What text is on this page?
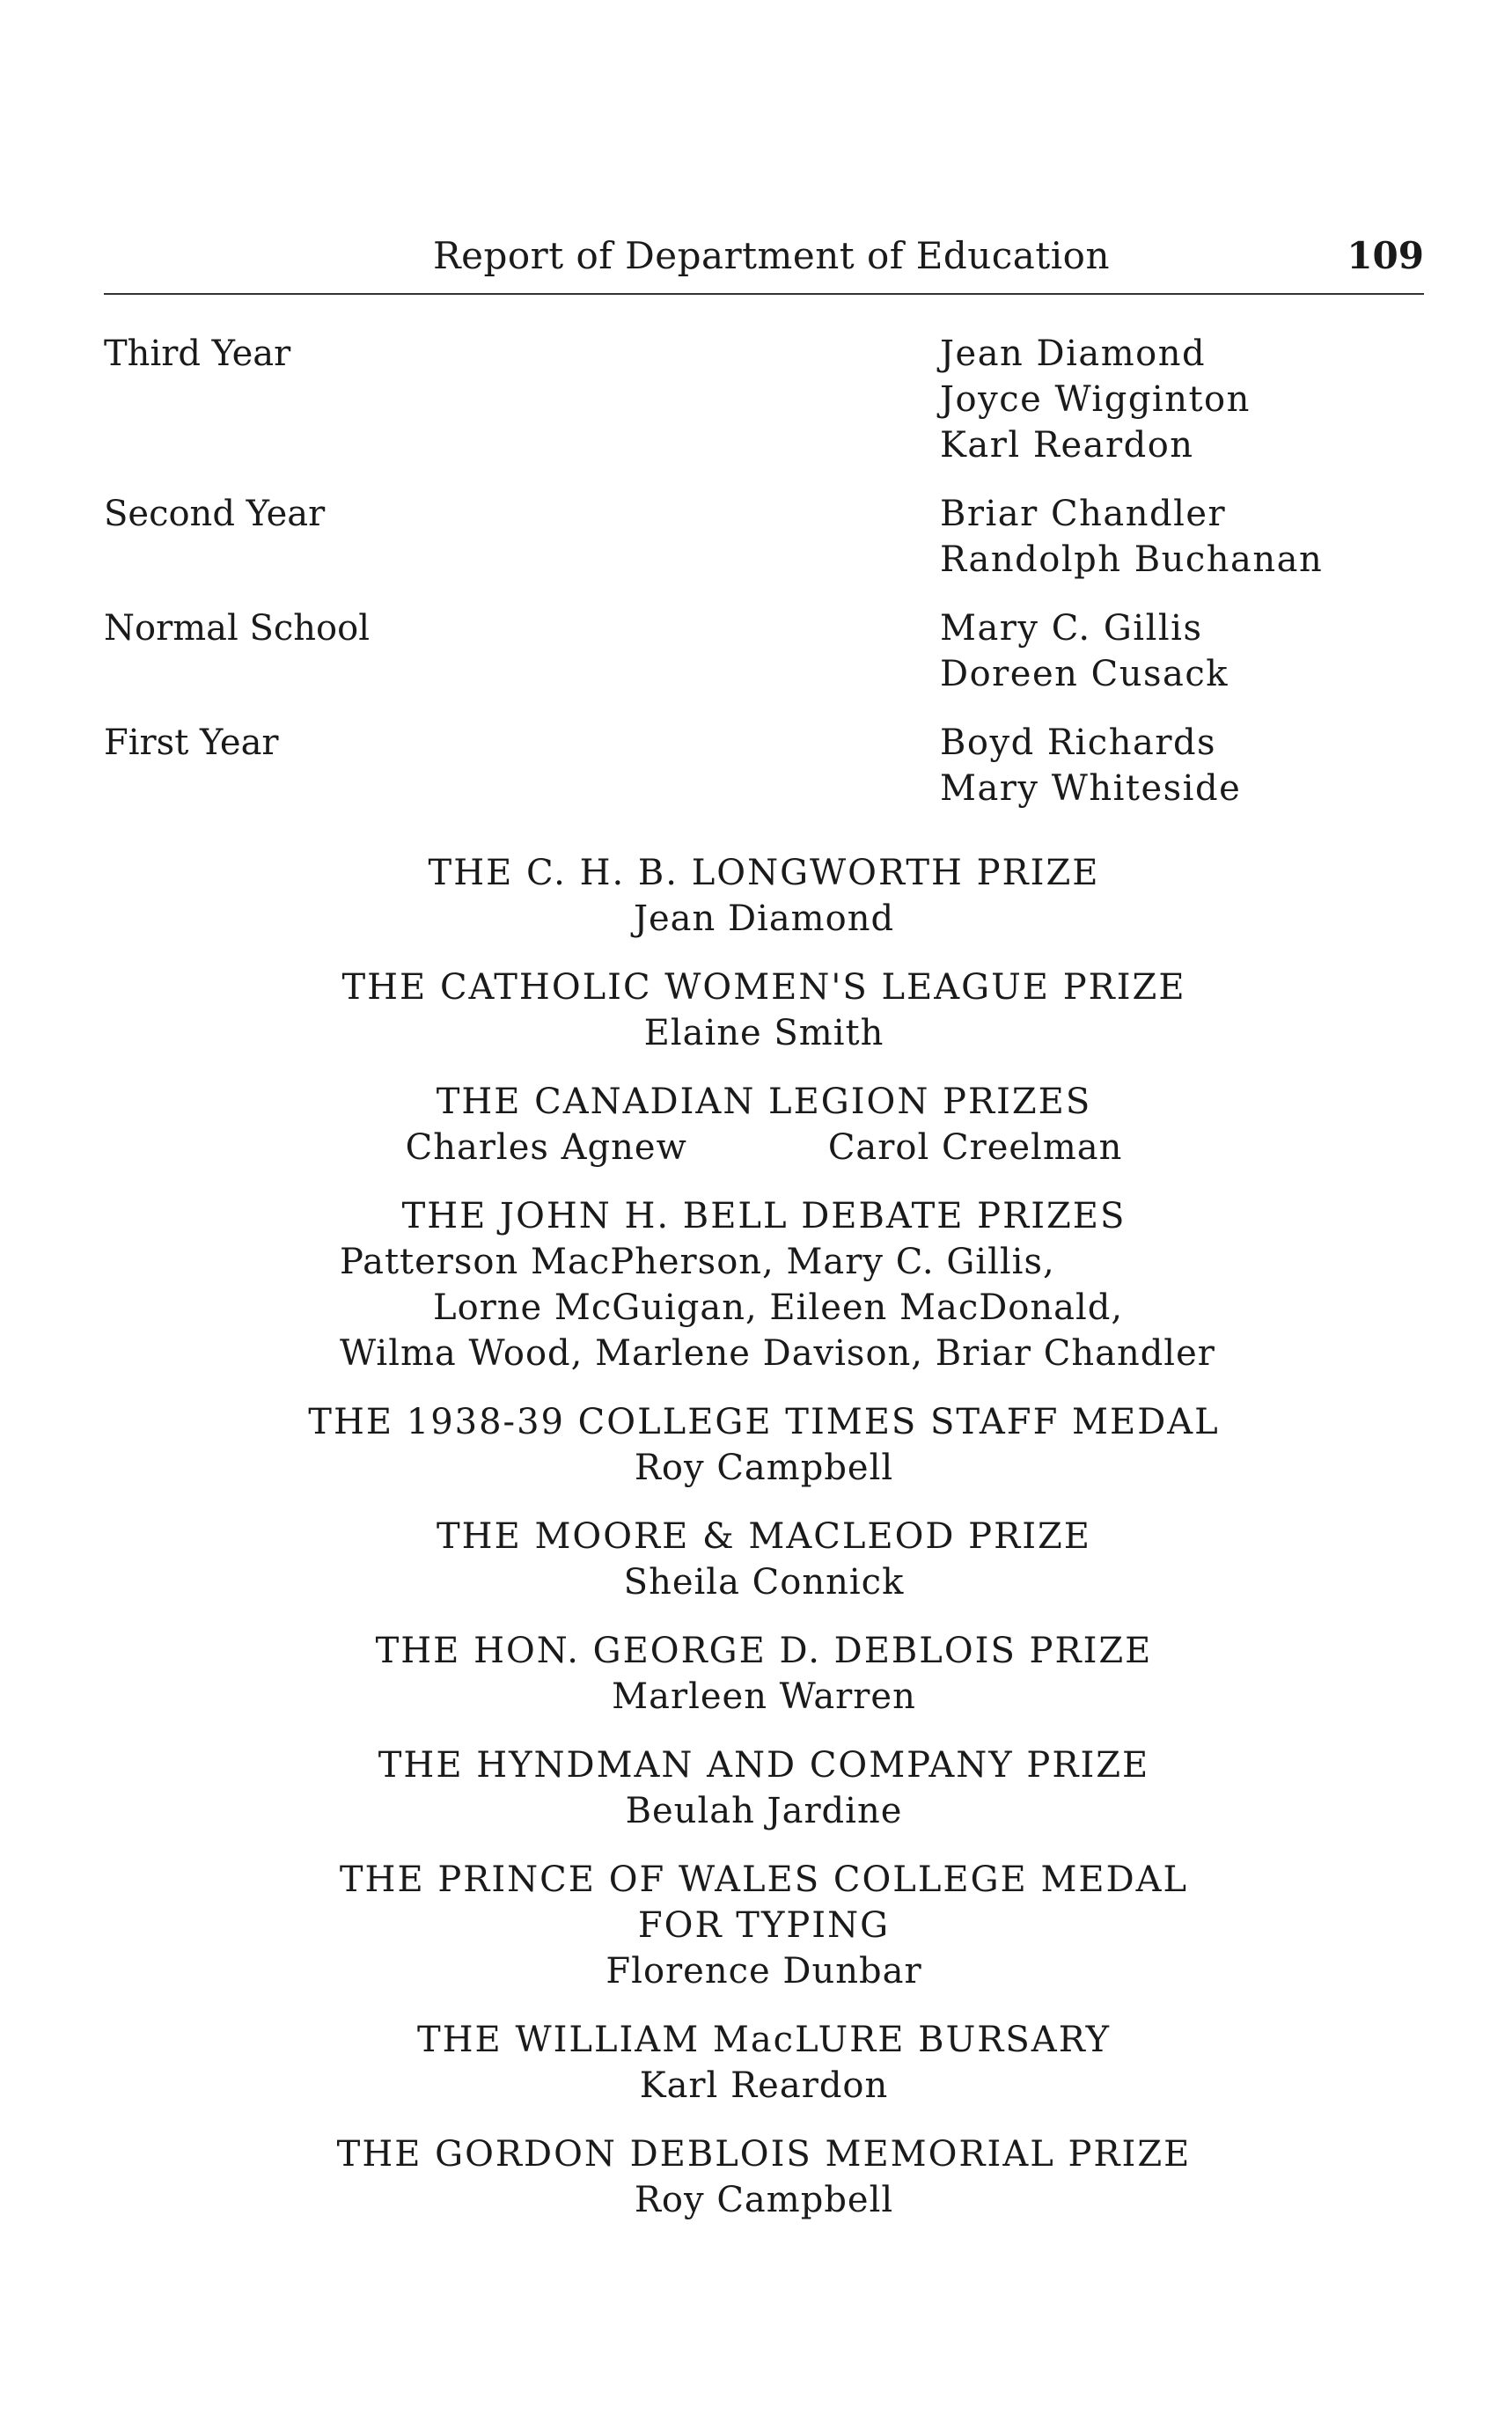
Report of Department of Education	109
Third Year	Jean Diamond
Joyce Wigginton
Karl Reardon
Second Year	Briar Chandler
Randolph Buchanan
Normal School	Mary C. Gillis
Doreen Cusack
First Year	Boyd Richards
Mary Whiteside
THE C. H. B. LONGWORTH PRIZE
Jean Diamond
THE CATHOLIC WOMEN'S LEAGUE PRIZE
Elaine Smith
THE CANADIAN LEGION PRIZES
Charles Agnew	Carol Creelman
THE JOHN H. BELL DEBATE PRIZES
Patterson MacPherson, Mary C. Gillis,
Lorne McGuigan, Eileen MacDonald,
Wilma Wood, Marlene Davison, Briar Chandler
THE 1938-39 COLLEGE TIMES STAFF MEDAL
Roy Campbell
THE MOORE & MACLEOD PRIZE
Sheila Connick
THE HON. GEORGE D. DEBLOIS PRIZE
Marleen Warren
THE HYNDMAN AND COMPANY PRIZE
Beulah Jardine
THE PRINCE OF WALES COLLEGE MEDAL
FOR TYPING
Florence Dunbar
THE WILLIAM MacLURE BURSARY
Karl Reardon
THE GORDON DEBLOIS MEMORIAL PRIZE
Roy Campbell
